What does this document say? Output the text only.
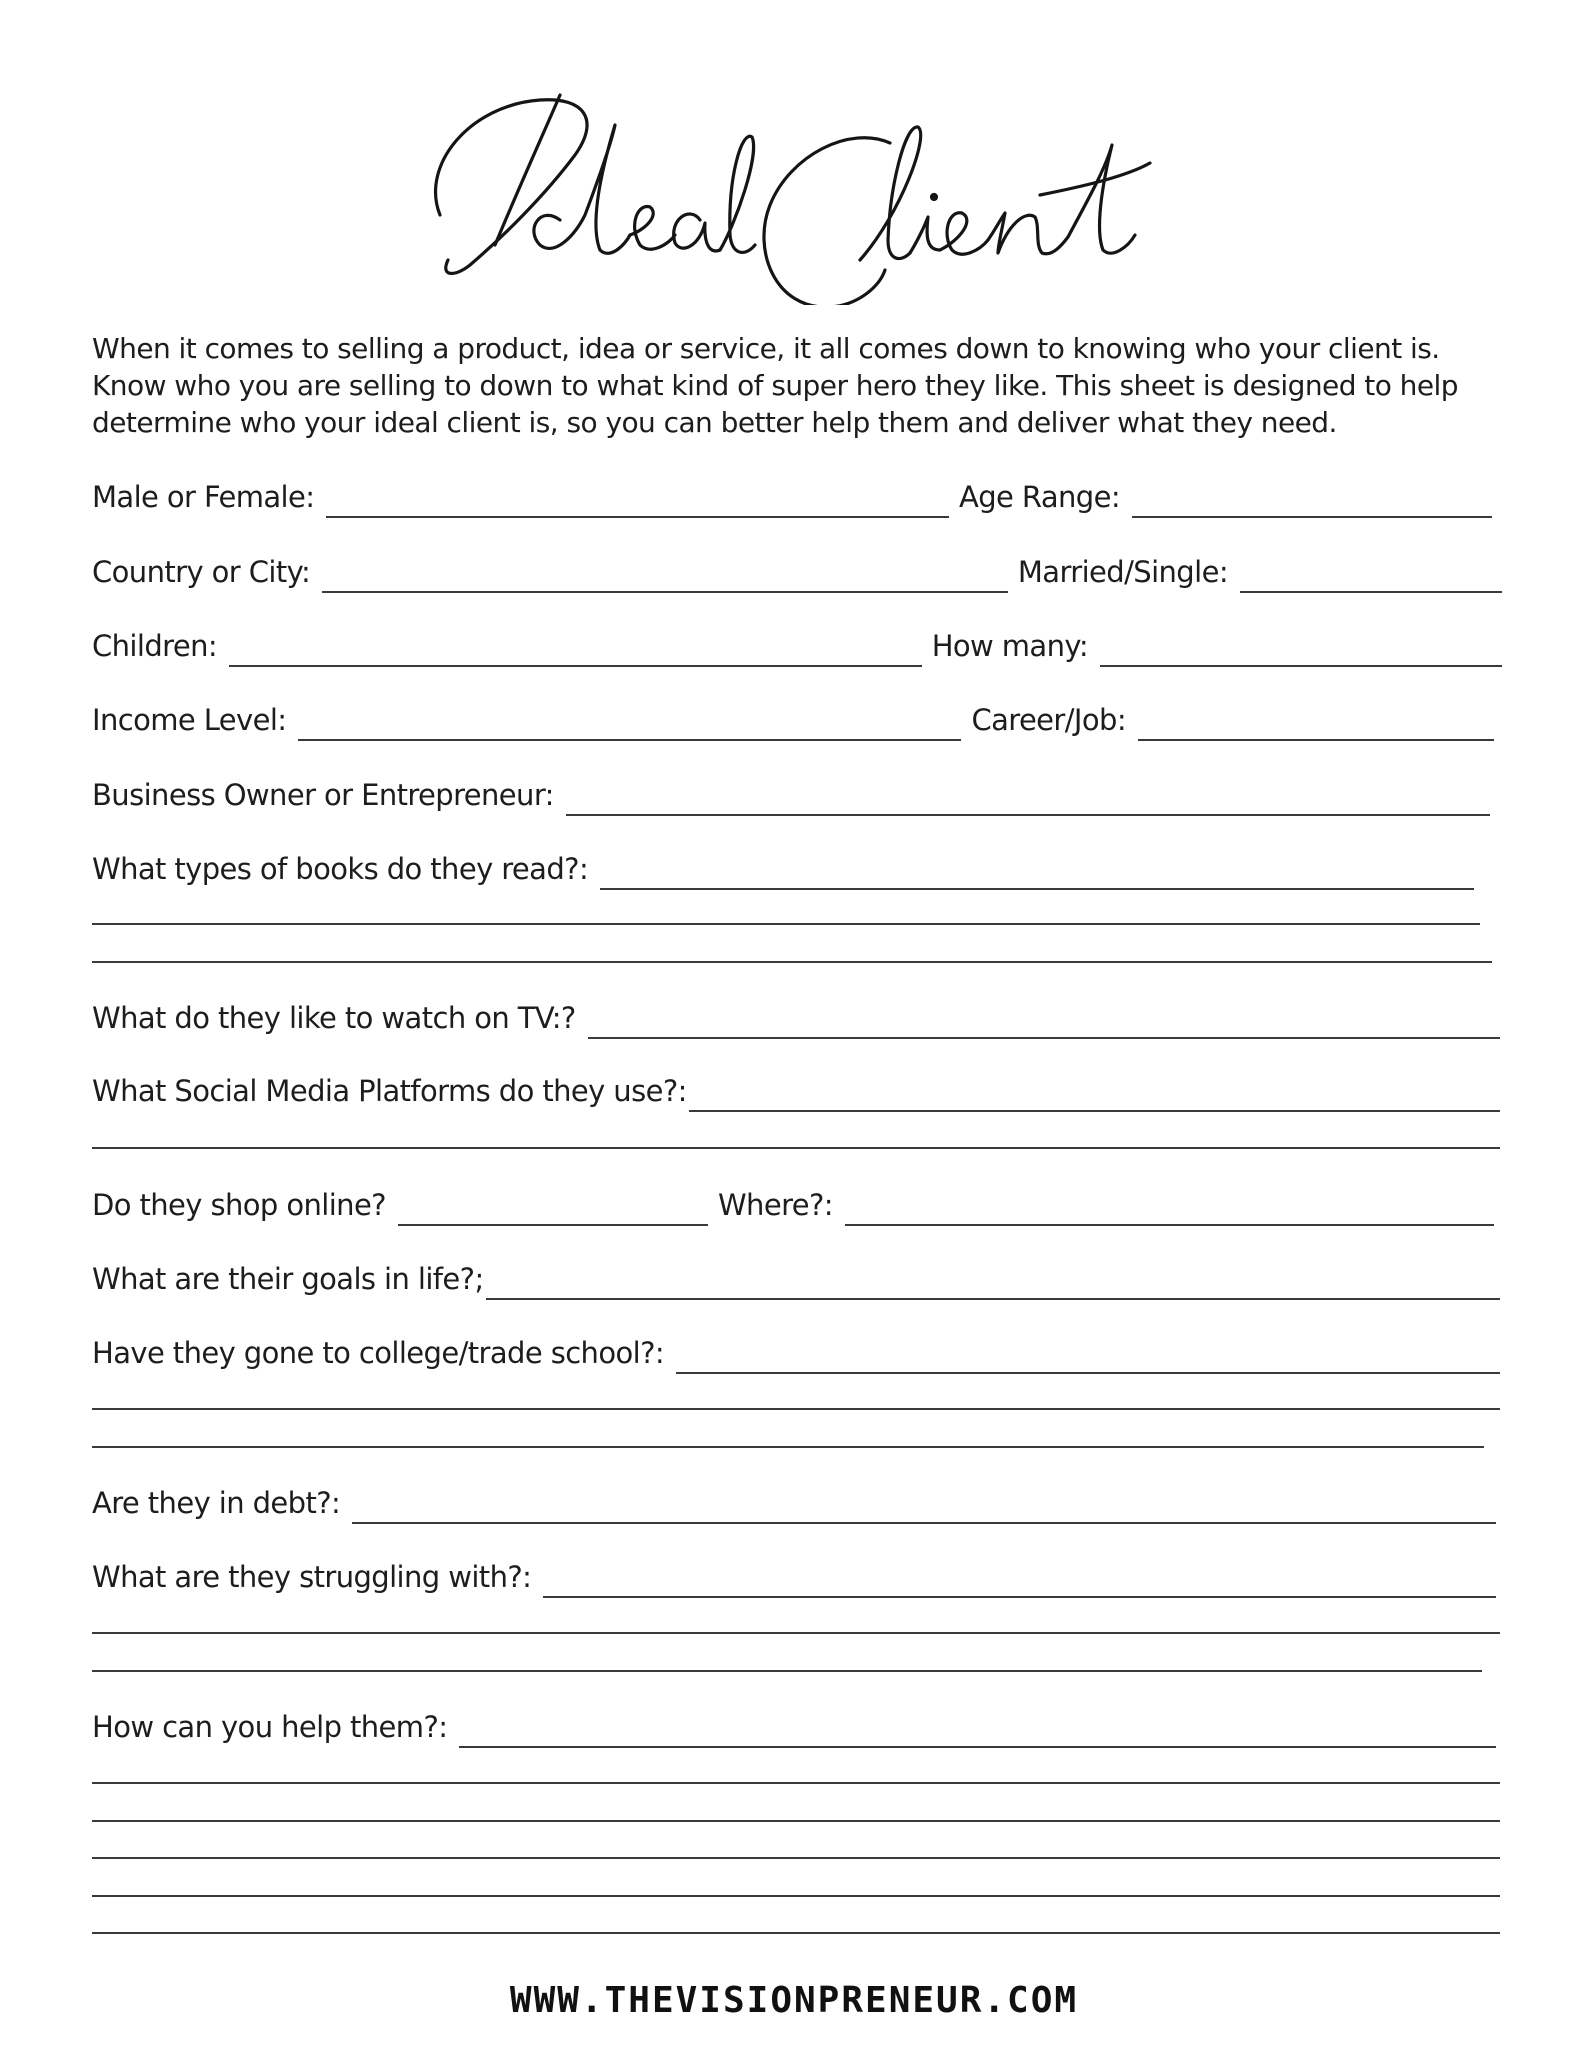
When it comes to selling a product, idea or service, it all comes down to knowing who your client is. Know who you are selling to down to what kind of super hero they like. This sheet is designed to help determine who your ideal client is, so you can better help them and deliver what they need.

Male or Female:	Age Range:
Country or City:	Married/Single:
Children:	How many:
Income Level:	Career/Job:
Business Owner or Entrepreneur:
What types of books do they read?:
What do they like to watch on TV:?
What Social Media Platforms do they use?:
Do they shop online?	Where?:
What are their goals in life?;
Have they gone to college/trade school?:
Are they in debt?:
What are they struggling with?:
How can you help them?:
WWW.THEVISIONPRENEUR.COM
